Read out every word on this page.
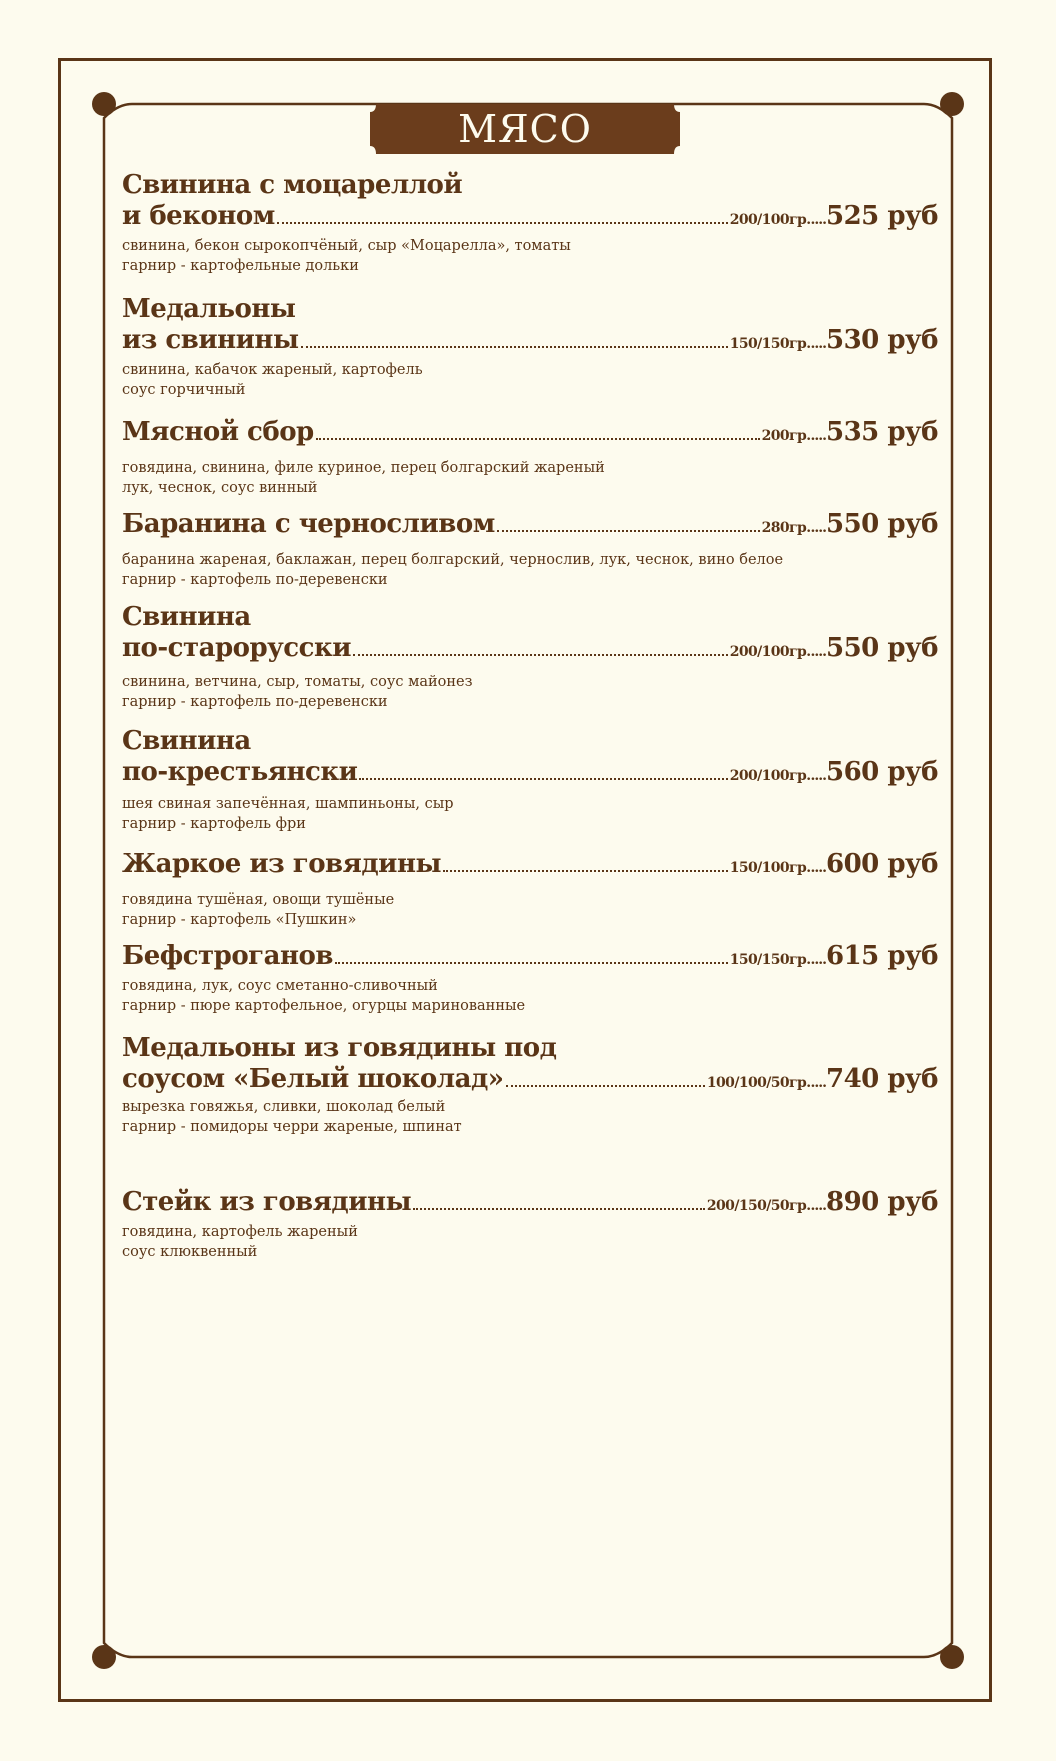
МЯСО
Свинина с моцареллой
и беконом	200/100гр. .... 525 руб
свинина, бекон сырокопчёный, сыр «Моцарелла», томаты
гарнир - картофельные дольки
Медальоны
из свинины	150/150гр. .... 530 руб
свинина, кабачок жареный, картофель
соус горчичный
Мясной сбор	200гр. .... 535 руб
говядина, свинина, филе куриное, перец болгарский жареный
лук, чеснок, соус винный
Баранина с черносливом	280гр. .... 550 руб
баранина жареная, баклажан, перец болгарский, чернослив, лук, чеснок, вино белое
гарнир - картофель по-деревенски
Свинина
по-старорусски	200/100гр. .... 550 руб
свинина, ветчина, сыр, томаты, соус майонез
гарнир - картофель по-деревенски
Свинина
по-крестьянски	200/100гр. .... 560 руб
шея свиная запечённая, шампиньоны, сыр
гарнир - картофель фри
Жаркое из говядины	150/100гр. .... 600 руб
говядина тушёная, овощи тушёные
гарнир - картофель «Пушкин»
Бефстроганов	150/150гр. .... 615 руб
говядина, лук, соус сметанно-сливочный
гарнир - пюре картофельное, огурцы маринованные
Медальоны из говядины под
соусом «Белый шоколад»	100/100/50гр. .... 740 руб
вырезка говяжья, сливки, шоколад белый
гарнир - помидоры черри жареные, шпинат
Стейк из говядины	200/150/50гр. .... 890 руб
говядина, картофель жареный
соус клюквенный
